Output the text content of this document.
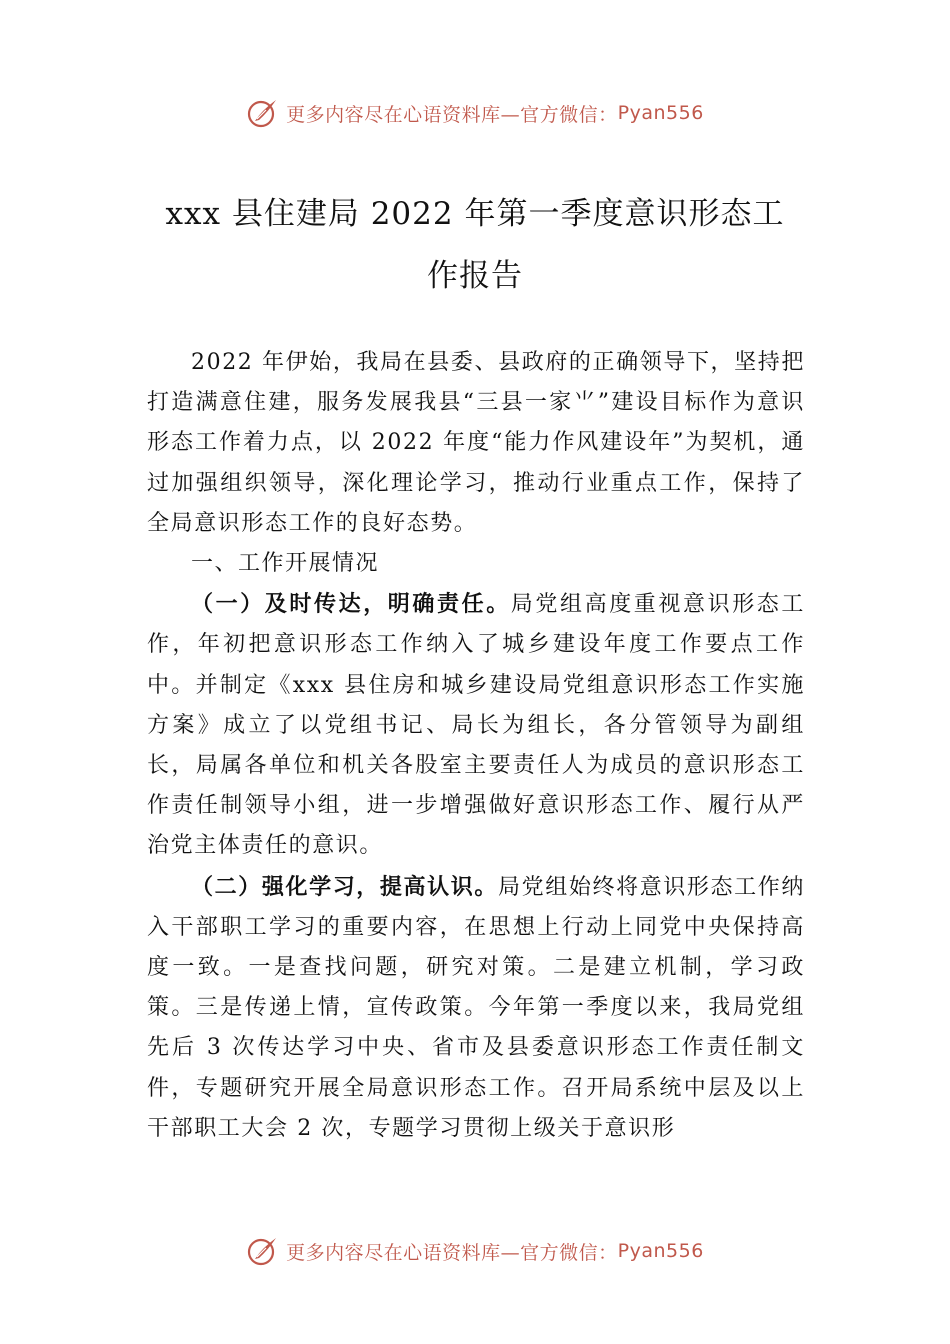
更多内容尽在心语资料库—官方微信： Pyan556
xxx 县住建局 2022 年第一季度意识形态工
作报告

2022 年伊始，我局在县委、县政府的正确领导下，坚持把打造满意住建，服务发展我县“三县一家⺌”建设目标作为意识形态工作着力点，以 2022 年度“能力作风建设年”为契机，通过加强组织领导，深化理论学习，推动行业重点工作，保持了全局意识形态工作的良好态势。

一、工作开展情况

（一）及时传达，明确责任。局党组高度重视意识形态工作，年初把意识形态工作纳入了城乡建设年度工作要点工作中。并制定《xxx 县住房和城乡建设局党组意识形态工作实施方案》成立了以党组书记、局长为组长，各分管领导为副组长，局属各单位和机关各股室主要责任人为成员的意识形态工作责任制领导小组，进一步增强做好意识形态工作、履行从严治党主体责任的意识。

（二）强化学习，提高认识。局党组始终将意识形态工作纳入干部职工学习的重要内容，在思想上行动上同党中央保持高度一致。一是查找问题，研究对策。二是建立机制，学习政策。三是传递上情，宣传政策。今年第一季度以来，我局党组先后 3 次传达学习中央、省市及县委意识形态工作责任制文件，专题研究开展全局意识形态工作。召开局系统中层及以上干部职工大会 2 次，专题学习贯彻上级关于意识形

更多内容尽在心语资料库—官方微信： Pyan556
